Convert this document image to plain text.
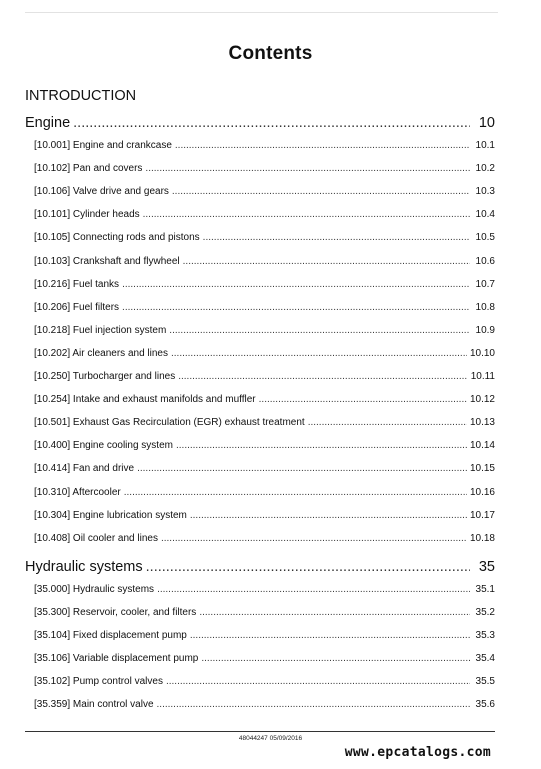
Contents
INTRODUCTION
Engine .....	10
[10.001] Engine and crankcase .....	10.1
[10.102] Pan and covers .....	10.2
[10.106] Valve drive and gears .....	10.3
[10.101] Cylinder heads .....	10.4
[10.105] Connecting rods and pistons .....	10.5
[10.103] Crankshaft and flywheel .....	10.6
[10.216] Fuel tanks .....	10.7
[10.206] Fuel filters .....	10.8
[10.218] Fuel injection system .....	10.9
[10.202] Air cleaners and lines .....	10.10
[10.250] Turbocharger and lines .....	10.11
[10.254] Intake and exhaust manifolds and muffler .....	10.12
[10.501] Exhaust Gas Recirculation (EGR) exhaust treatment .....	10.13
[10.400] Engine cooling system .....	10.14
[10.414] Fan and drive .....	10.15
[10.310] Aftercooler .....	10.16
[10.304] Engine lubrication system .....	10.17
[10.408] Oil cooler and lines .....	10.18
Hydraulic systems .....	35
[35.000] Hydraulic systems .....	35.1
[35.300] Reservoir, cooler, and filters .....	35.2
[35.104] Fixed displacement pump .....	35.3
[35.106] Variable displacement pump .....	35.4
[35.102] Pump control valves .....	35.5
[35.359] Main control valve .....	35.6
48044247 05/09/2016
www.epcatalogs.com
